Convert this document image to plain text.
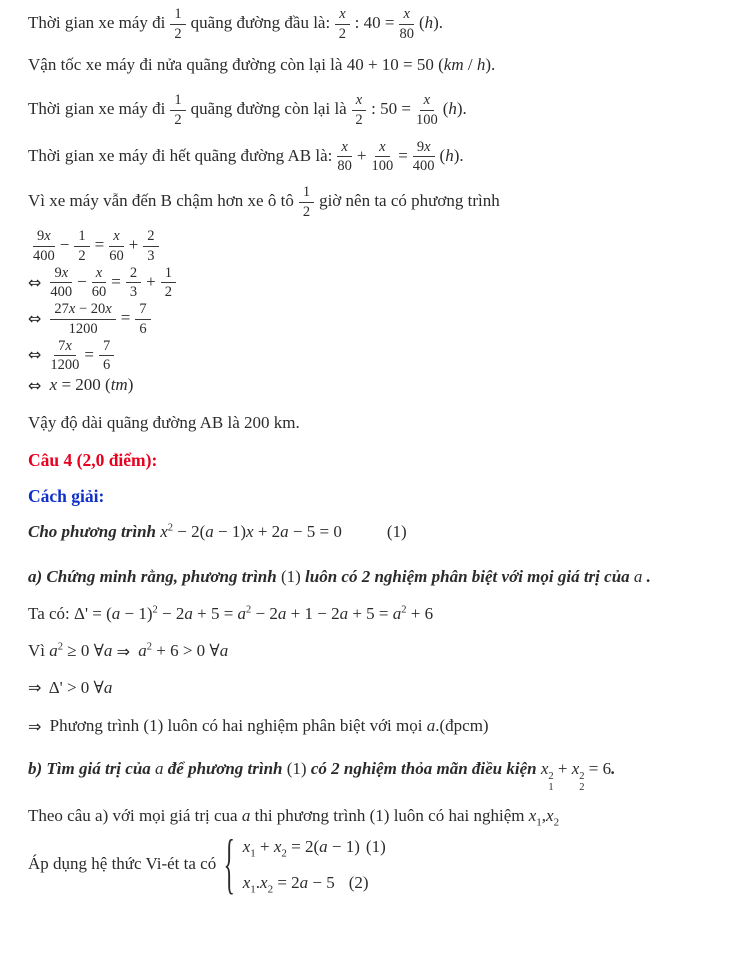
Thời gian xe máy đi $\frac{1}{2}$ quãng đường đầu là: $\frac{x}{2}$ : $40 = \frac{x}{80} (h)$.
Vận tốc xe máy đi nửa quãng đường còn lại là 40 + 10 = 50 (km / h).
Thời gian xe máy đi $\frac{1}{2}$ quãng đường còn lại là $\frac{x}{2}$ : $50 = \frac{x}{100} (h)$.
Thời gian xe máy đi hết quãng đường AB là: $\frac{x}{80} + \frac{x}{100} = \frac{9x}{400} (h)$.
Vì xe máy vẫn đến B chậm hơn xe ô tô $\frac{1}{2}$ giờ nên ta có phương trình
$\frac{9x}{400} - \frac{1}{2} = \frac{x}{60} + \frac{2}{3}$
⇔ $\frac{9x}{400} - \frac{x}{60} = \frac{2}{3} + \frac{1}{2}$
⇔ $\frac{27x - 20x}{1200} = \frac{7}{6}$
⇔ $\frac{7x}{1200} = \frac{7}{6}$
⇔ x = 200 (tm)
Vậy độ dài quãng đường AB là 200 km.
Câu 4 (2,0 điểm):
Cách giải:
Cho phương trình $x^2 - 2(a - 1)x + 2a - 5 = 0$	(1)
a) Chứng minh rằng, phương trình (1) luôn có 2 nghiệm phân biệt với mọi giá trị của a .
Ta có: $\Delta' = (a - 1)^2 - 2a + 5 = a^2 - 2a + 1 - 2a + 5 = a^2 + 6$
Vì $a^2 \ge 0$ ∀a ⇒ $a^2 + 6 > 0$ ∀a
⇒ Δ' > 0 ∀a
⇒ Phương trình (1) luôn có hai nghiệm phân biệt với mọi a.(đpcm)
b) Tìm giá trị của a để phương trình (1) có 2 nghiệm thỏa mãn điều kiện x 2
1
+ x 2
2
= 6.
Theo câu a) với mọi giá trị cua a thi phương trình (1) luôn có hai nghiệm $x_1,x_2$
Áp dụng hệ thức Vi-ét ta có { $x_1 + x_2 = 2(a - 1)$ (1)
$x_1.x_2 = 2a - 5$ (2)
